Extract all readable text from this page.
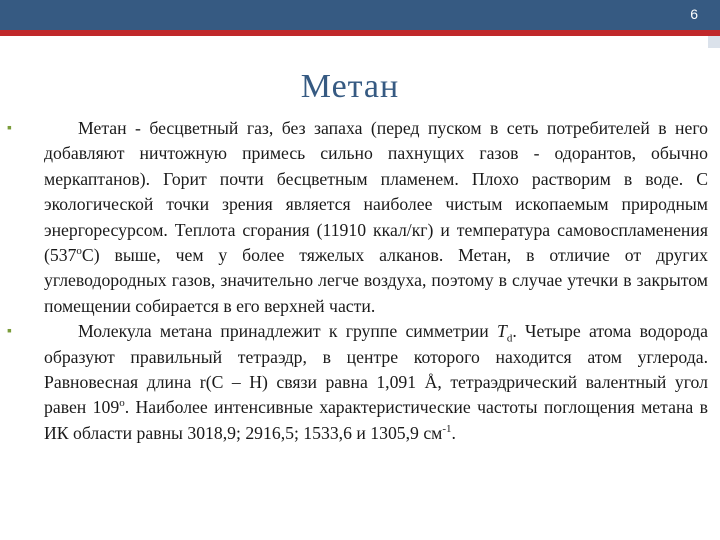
6
Метан

▪	Метан - бесцветный газ, без запаха (перед пуском в сеть потребителей в него добавляют ничтожную примесь сильно пахнущих газов - одорантов, обычно меркаптанов). Горит почти бесцветным пламенем. Плохо растворим в воде. С экологической точки зрения является наиболее чистым ископаемым природным энергоресурсом. Теплота сгорания (11910 ккал/кг) и температура самовоспламенения $(537^оС)$ выше, чем у более тяжелых алканов. Метан, в отличие от других углеводородных газов, значительно легче воздуха, поэтому в случае утечки в закрытом помещении собирается в его верхней части.

▪	Молекула метана принадлежит к группе симметрии $T_d$. Четыре атома водорода образуют правильный тетраэдр, в центре которого находится атом углерода. Равновесная длина r(C – H) связи равна 1,091 Å, тетраэдрический валентный угол равен $109^о$. Наиболее интенсивные характеристические частоты поглощения метана в ИК области равны 3018,9; 2916,5; 1533,6 и 1305,9 $см^{-1}$.
